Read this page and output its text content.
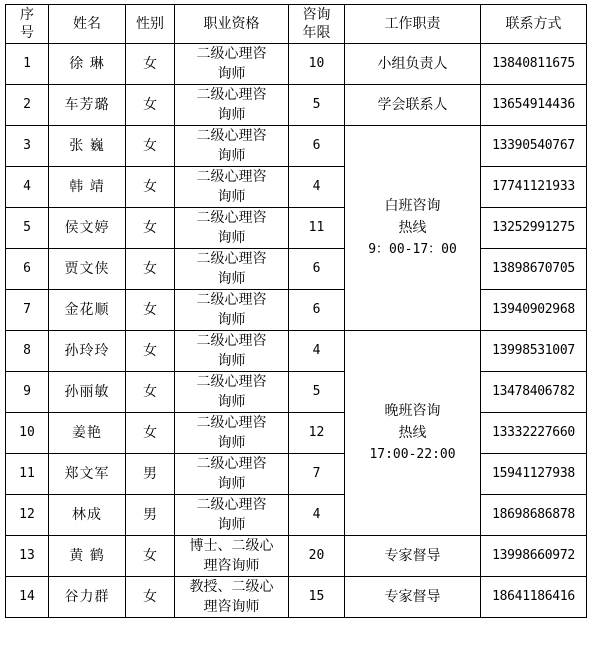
序
号	姓名	性别	职业资格	咨询
年限	工作职责	联系方式
1	徐 琳	女	二级心理咨
询师	10	小组负责人	13840811675
2	车芳璐	女	二级心理咨
询师	5	学会联系人	13654914436
3	张 巍	女	二级心理咨
询师	6	白班咨询
热线
9：00-17：00	13390540767
4	韩 靖	女	二级心理咨
询师	4		17741121933
5	侯文婷	女	二级心理咨
询师	11		13252991275
6	贾文侠	女	二级心理咨
询师	6		13898670705
7	金花顺	女	二级心理咨
询师	6		13940902968
8	孙玲玲	女	二级心理咨
询师	4	晚班咨询
热线
17:00-22:00	13998531007
9	孙丽敏	女	二级心理咨
询师	5		13478406782
10	姜艳	女	二级心理咨
询师	12		13332227660
11	郑文军	男	二级心理咨
询师	7		15941127938
12	林成	男	二级心理咨
询师	4		18698686878
13	黄 鹤	女	博士、二级心
理咨询师	20	专家督导	13998660972
14	谷力群	女	教授、二级心
理咨询师	15	专家督导	18641186416
